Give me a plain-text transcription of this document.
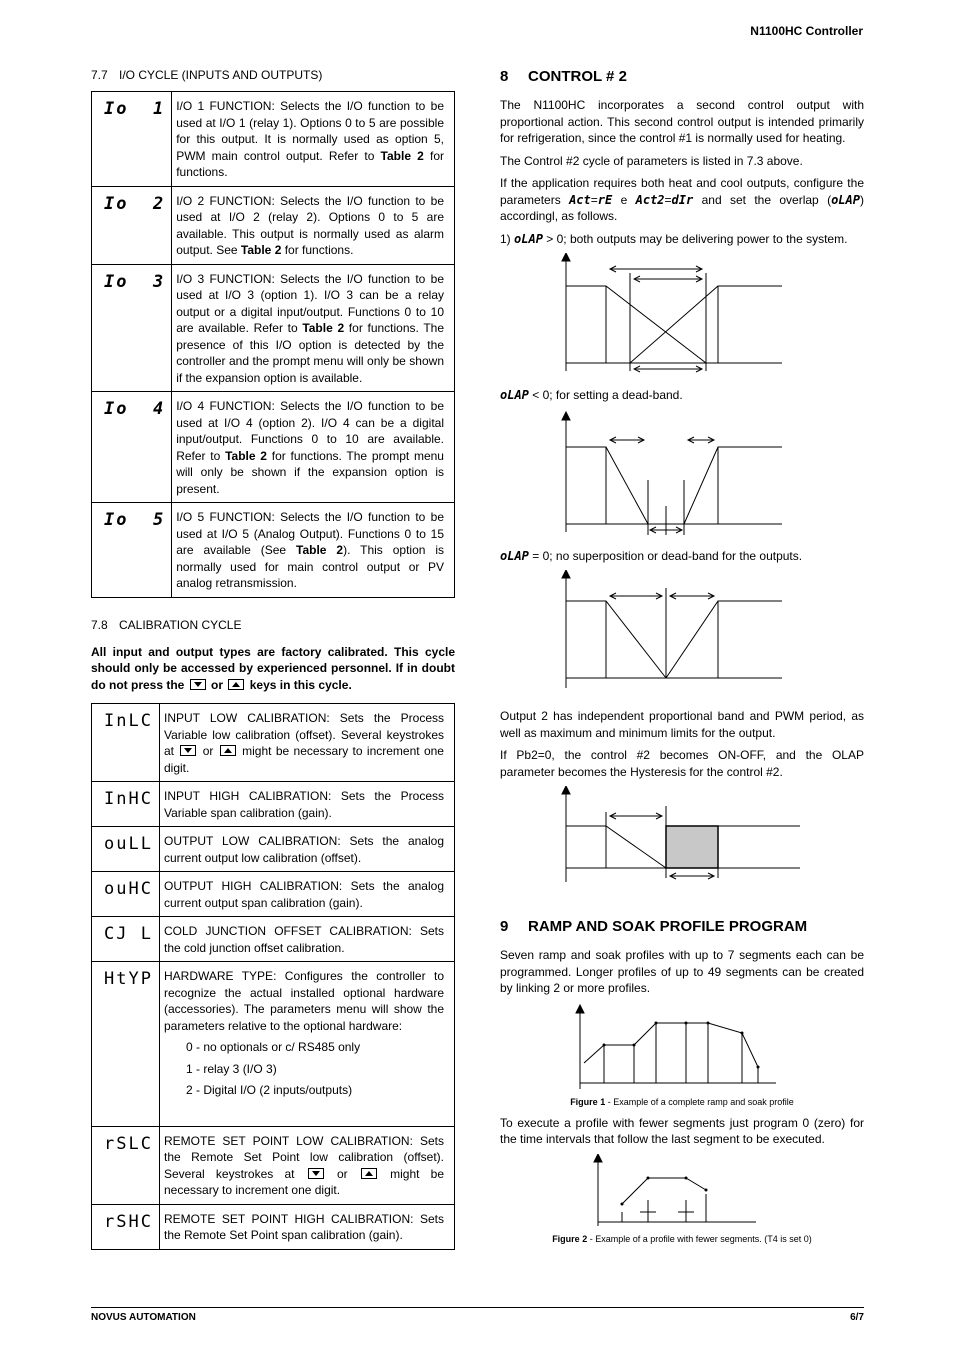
N1100HC Controller
7.7 I/O CYCLE (INPUTS AND OUTPUTS)
Io  1	I/O 1 FUNCTION: Selects the I/O function to be used at I/O 1 (relay 1). Options 0 to 5 are possible for this output. It is normally used as option 5, PWM main control output. Refer to Table 2 for functions.
Io  2	I/O 2 FUNCTION: Selects the I/O function to be used at I/O 2 (relay 2). Options 0 to 5 are available. This output is normally used as alarm output. See Table 2 for functions.
Io  3	I/O 3 FUNCTION: Selects the I/O function to be used at I/O 3 (option 1). I/O 3 can be a relay output or a digital input/output. Functions 0 to 10 are available. Refer to Table 2 for functions. The presence of this I/O option is detected by the controller and the prompt menu will only be shown if the expansion option is available.
Io  4	I/O 4 FUNCTION: Selects the I/O function to be used at I/O 4 (option 2). I/O 4 can be a digital input/output. Functions 0 to 10 are available. Refer to Table 2 for functions. The prompt menu will only be shown if the expansion option is present.
Io  5	I/O 5 FUNCTION: Selects the I/O function to be used at I/O 5 (Analog Output). Functions 0 to 15 are available (See Table 2). This option is normally used for main control output or PV analog retransmission.
7.8 CALIBRATION CYCLE
All input and output types are factory calibrated. This cycle should only be accessed by experienced personnel. If in doubt do not press the or keys in this cycle.
InLC	INPUT LOW CALIBRATION: Sets the Process Variable low calibration (offset). Several keystrokes at or might be necessary to increment one digit.
InHC	INPUT HIGH CALIBRATION: Sets the Process Variable span calibration (gain).
ouLL	OUTPUT LOW CALIBRATION: Sets the analog current output low calibration (offset).
ouHC	OUTPUT HIGH CALIBRATION: Sets the analog current output span calibration (gain).
CJ L	COLD JUNCTION OFFSET CALIBRATION: Sets the cold junction offset calibration.
HtYP	HARDWARE TYPE: Configures the controller to recognize the actual installed optional hardware (accessories). The parameters menu will show the parameters relative to the optional hardware:
0 - no optionals or c/ RS485 only
1 - relay 3 (I/O 3)
2 - Digital I/O (2 inputs/outputs)

rSLC	REMOTE SET POINT LOW CALIBRATION: Sets the Remote Set Point low calibration (offset). Several keystrokes at or might be necessary to increment one digit.
rSHC	REMOTE SET POINT HIGH CALIBRATION: Sets the Remote Set Point span calibration (gain).
8 CONTROL # 2
The N1100HC incorporates a second control output with proportional action. This second control output is intended primarily for refrigeration, since the control #1 is normally used for heating.
The Control #2 cycle of parameters is listed in 7.3 above.
If the application requires both heat and cool outputs, configure the parameters Act=rE e Act2=dIr and set the overlap (oLAP) accordingl, as follows.
1) oLAP > 0; both outputs may be delivering power to the system.
oLAP < 0; for setting a dead-band.
oLAP = 0; no superposition or dead-band for the outputs.
Output 2 has independent proportional band and PWM period, as well as maximum and minimum limits for the output.
If Pb2=0, the control #2 becomes ON-OFF, and the OLAP parameter becomes the Hysteresis for the control #2.
9 RAMP AND SOAK PROFILE PROGRAM
Seven ramp and soak profiles with up to 7 segments each can be programmed. Longer profiles of up to 49 segments can be created by linking 2 or more profiles.
Figure 1 - Example of a complete ramp and soak profile
To execute a profile with fewer segments just program 0 (zero) for the time intervals that follow the last segment to be executed.
Figure 2 - Example of a profile with fewer segments. (T4 is set 0)
NOVUS AUTOMATION	6/7
